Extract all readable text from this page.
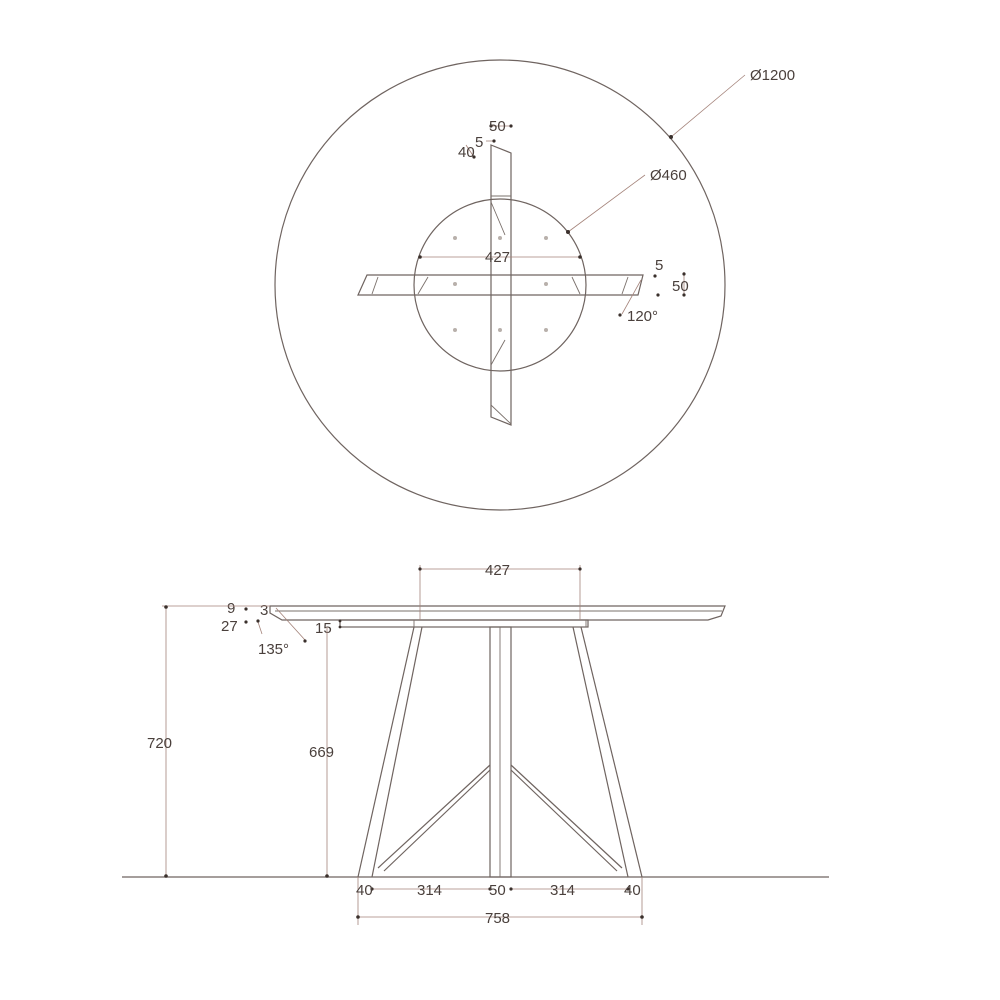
Ø1200
Ø460
50
5
40
427	5
50
120°
427
9 3
27
135°
15
720
669
40	314	50	314	40
758
